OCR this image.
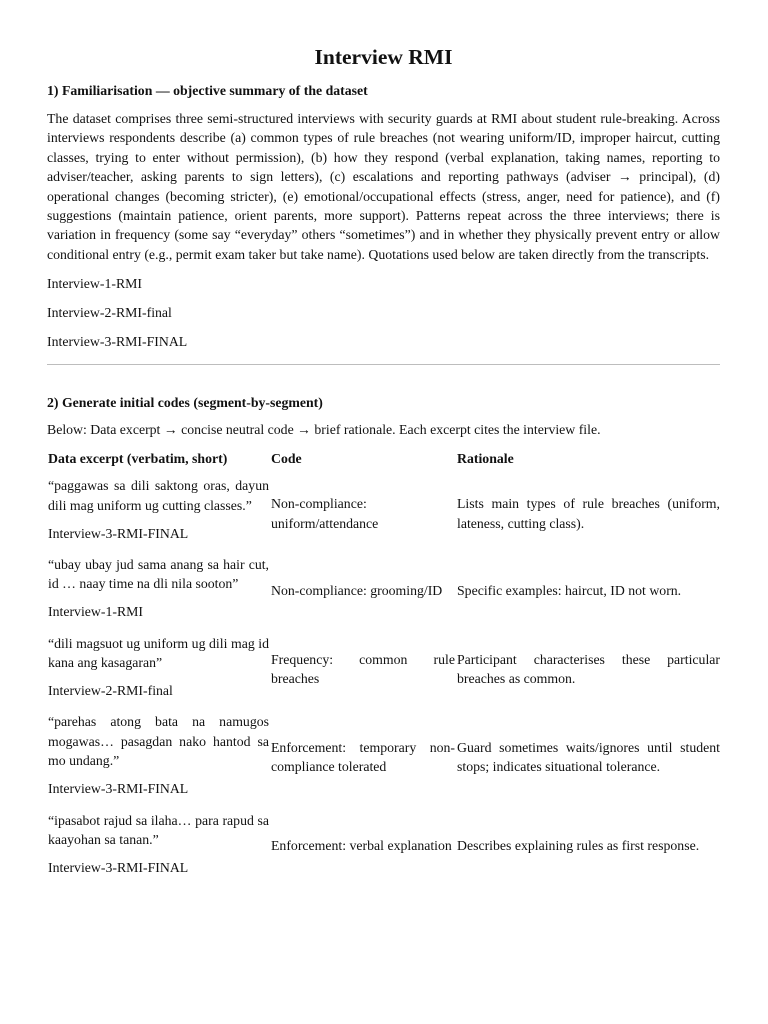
Interview RMI
1) Familiarisation — objective summary of the dataset

The dataset comprises three semi-structured interviews with security guards at RMI about student rule-breaking. Across interviews respondents describe (a) common types of rule breaches (not wearing uniform/ID, improper haircut, cutting classes, trying to enter without permission), (b) how they respond (verbal explanation, taking names, reporting to adviser/teacher, asking parents to sign letters), (c) escalations and reporting pathways (adviser → principal), (d) operational changes (becoming stricter), (e) emotional/occupational effects (stress, anger, need for patience), and (f) suggestions (maintain patience, orient parents, more support). Patterns repeat across the three interviews; there is variation in frequency (some say “everyday” others “sometimes”) and in whether they physically prevent entry or allow conditional entry (e.g., permit exam taker but take name). Quotations used below are taken directly from the transcripts.

Interview-1-RMI

Interview-2-RMI-final

Interview-3-RMI-FINAL

2) Generate initial codes (segment-by-segment)

Below: Data excerpt → concise neutral code → brief rationale. Each excerpt cites the interview file.

Data excerpt (verbatim, short)	Code	Rationale

“paggawas sa dili saktong oras, dayun dili mag uniform ug cutting classes.”
Interview-3-RMI-FINAL	Non-compliance: uniform/attendance	Lists main types of rule breaches (uniform, lateness, cutting class).

“ubay ubay jud sama anang sa hair cut, id … naay time na dli nila sooton”
Interview-1-RMI	Non-compliance: grooming/ID	Specific examples: haircut, ID not worn.

“dili magsuot ug uniform ug dili mag id kana ang kasagaran”
Interview-2-RMI-final	Frequency: common rule breaches	Participant characterises these particular breaches as common.

“parehas atong bata na namugos mogawas… pasagdan nako hantod sa mo undang.”
Interview-3-RMI-FINAL	Enforcement: temporary non-compliance tolerated	Guard sometimes waits/ignores until student stops; indicates situational tolerance.

“ipasabot rajud sa ilaha… para rapud sa kaayohan sa tanan.”
Interview-3-RMI-FINAL	Enforcement: verbal explanation	Describes explaining rules as first response.
